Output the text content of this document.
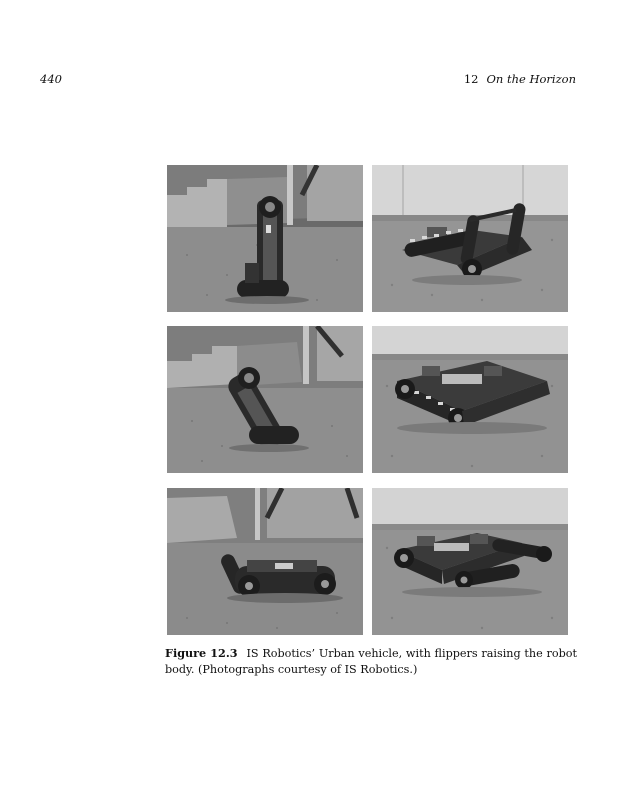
440	12 On the Horizon
Figure 12.3 IS Robotics’ Urban vehicle, with flippers raising the robot body. (Photographs courtesy of IS Robotics.)
